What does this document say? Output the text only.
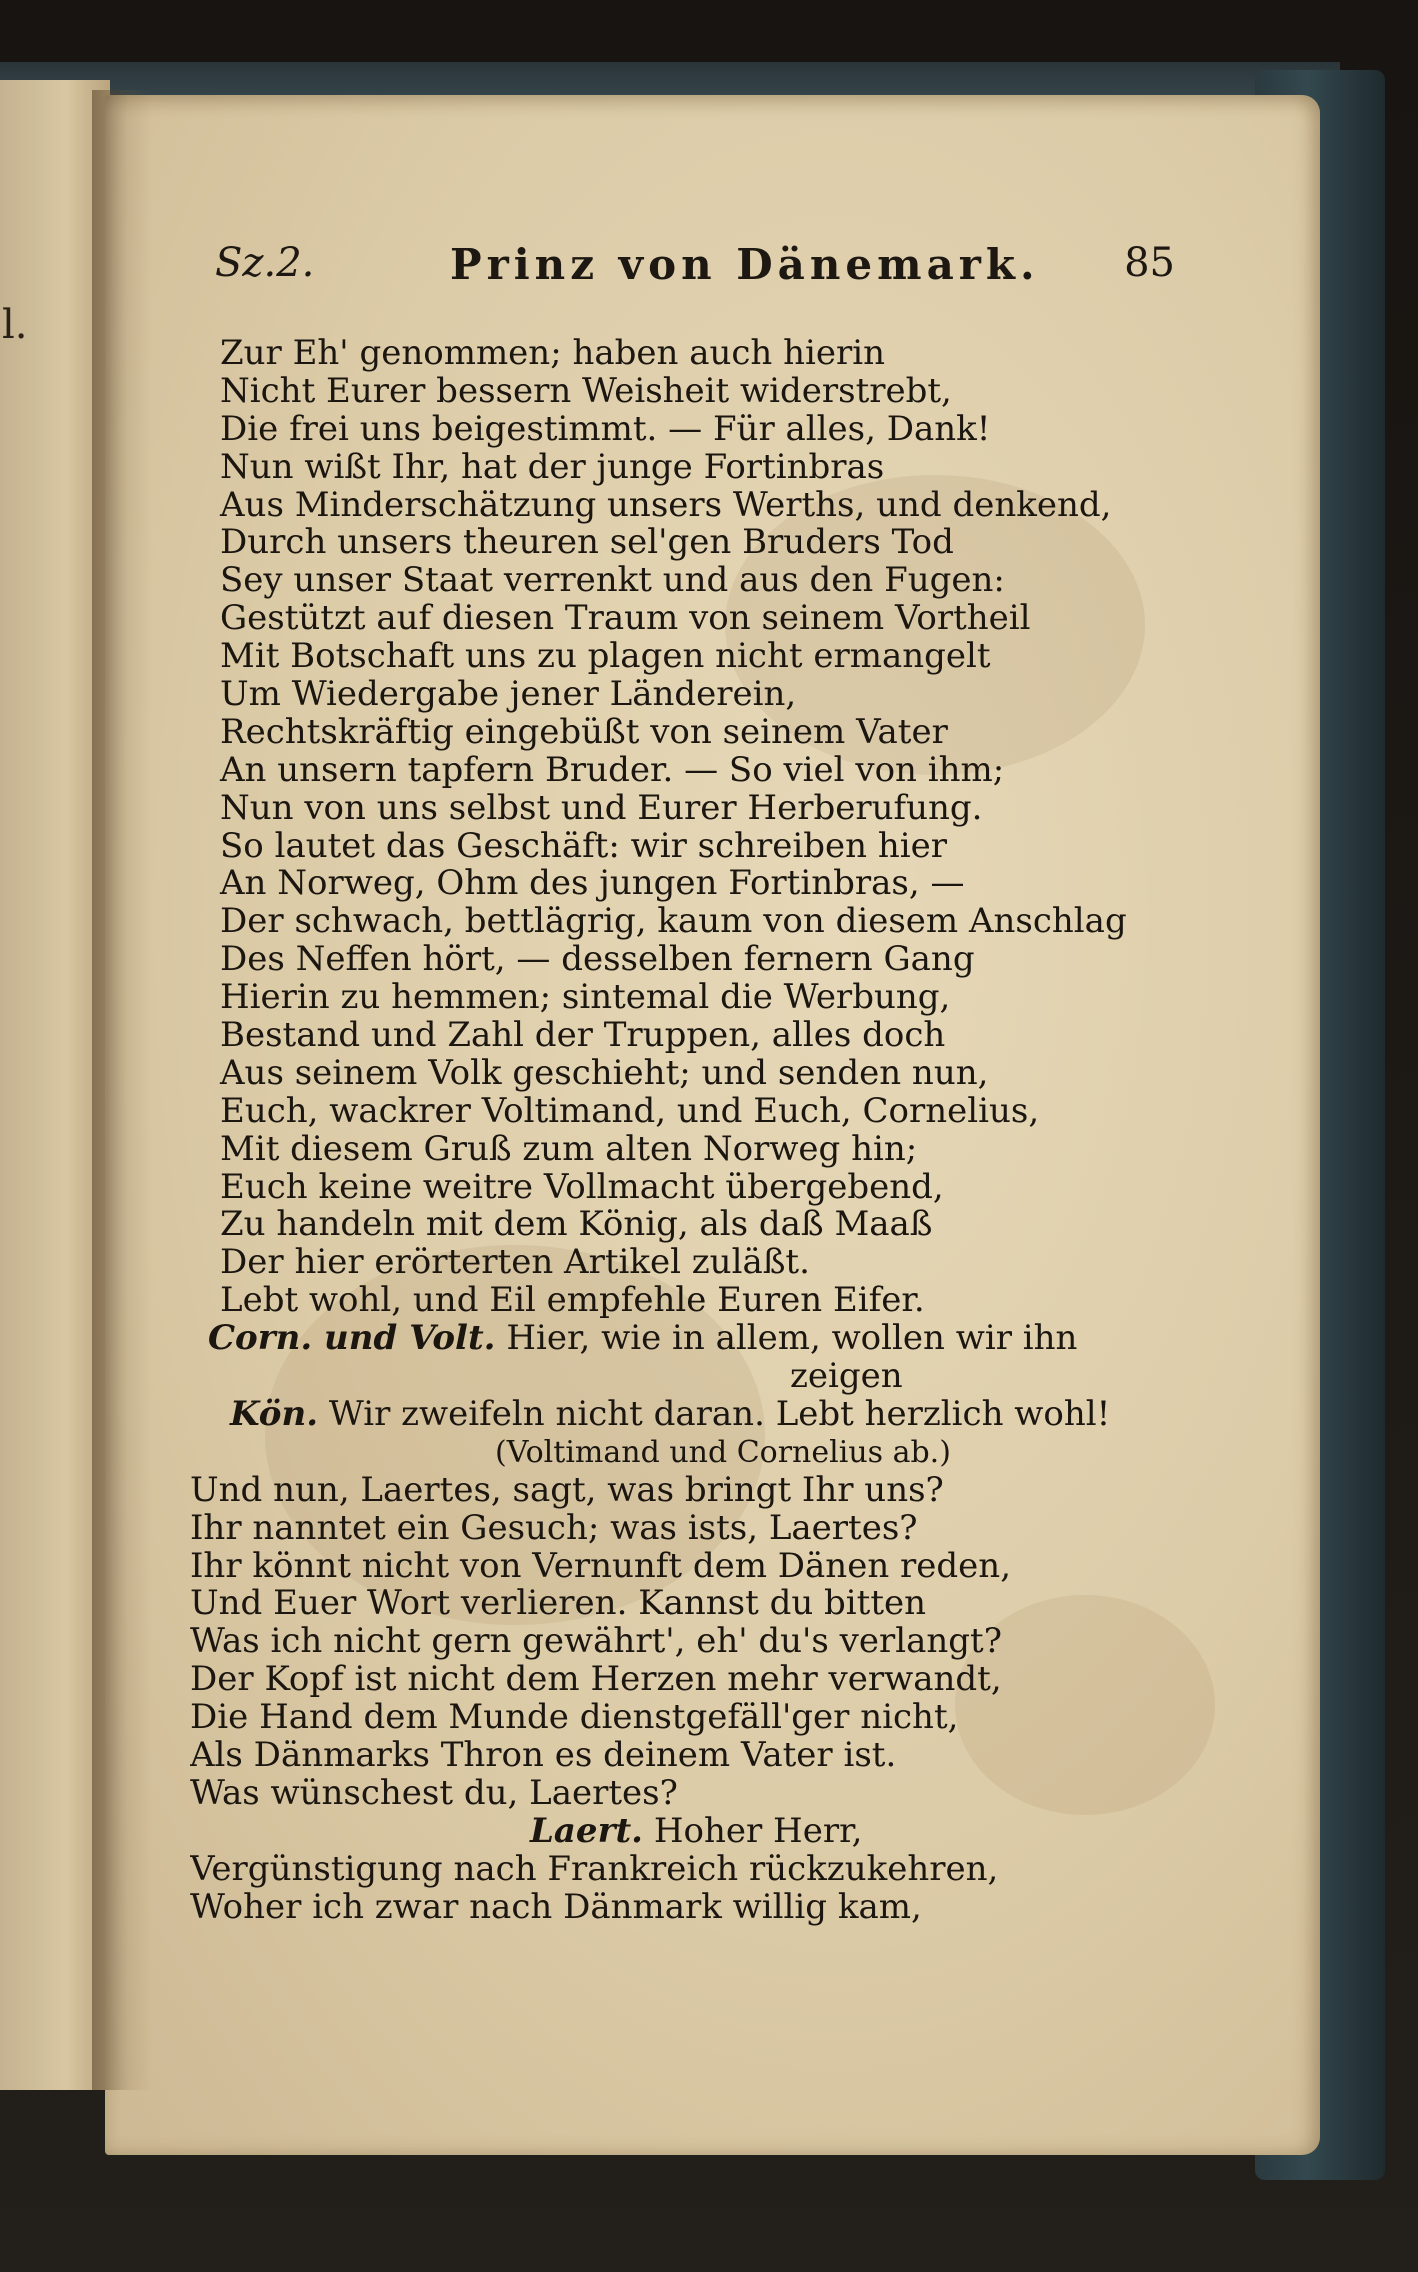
l.
Sz.2.	Prinz von Dänemark. 85
Zur Eh' genommen; haben auch hierin
Nicht Eurer bessern Weisheit widerstrebt,
Die frei uns beigestimmt. — Für alles, Dank!
Nun wißt Ihr, hat der junge Fortinbras
Aus Minderschätzung unsers Werths, und denkend,
Durch unsers theuren sel'gen Bruders Tod
Sey unser Staat verrenkt und aus den Fugen:
Gestützt auf diesen Traum von seinem Vortheil
Mit Botschaft uns zu plagen nicht ermangelt
Um Wiedergabe jener Länderein,
Rechtskräftig eingebüßt von seinem Vater
An unsern tapfern Bruder. — So viel von ihm;
Nun von uns selbst und Eurer Herberufung.
So lautet das Geschäft: wir schreiben hier
An Norweg, Ohm des jungen Fortinbras, —
Der schwach, bettlägrig, kaum von diesem Anschlag
Des Neffen hört, — desselben fernern Gang
Hierin zu hemmen; sintemal die Werbung,
Bestand und Zahl der Truppen, alles doch
Aus seinem Volk geschieht; und senden nun,
Euch, wackrer Voltimand, und Euch, Cornelius,
Mit diesem Gruß zum alten Norweg hin;
Euch keine weitre Vollmacht übergebend,
Zu handeln mit dem König, als daß Maaß
Der hier erörterten Artikel zuläßt.
Lebt wohl, und Eil empfehle Euren Eifer.
Corn. und Volt. Hier, wie in allem, wollen wir ihn
zeigen
Kön. Wir zweifeln nicht daran. Lebt herzlich wohl!
(Voltimand und Cornelius ab.)
Und nun, Laertes, sagt, was bringt Ihr uns?
Ihr nanntet ein Gesuch; was ists, Laertes?
Ihr könnt nicht von Vernunft dem Dänen reden,
Und Euer Wort verlieren. Kannst du bitten
Was ich nicht gern gewährt', eh' du's verlangt?
Der Kopf ist nicht dem Herzen mehr verwandt,
Die Hand dem Munde dienstgefäll'ger nicht,
Als Dänmarks Thron es deinem Vater ist.
Was wünschest du, Laertes?
Laert. Hoher Herr,
Vergünstigung nach Frankreich rückzukehren,
Woher ich zwar nach Dänmark willig kam,
